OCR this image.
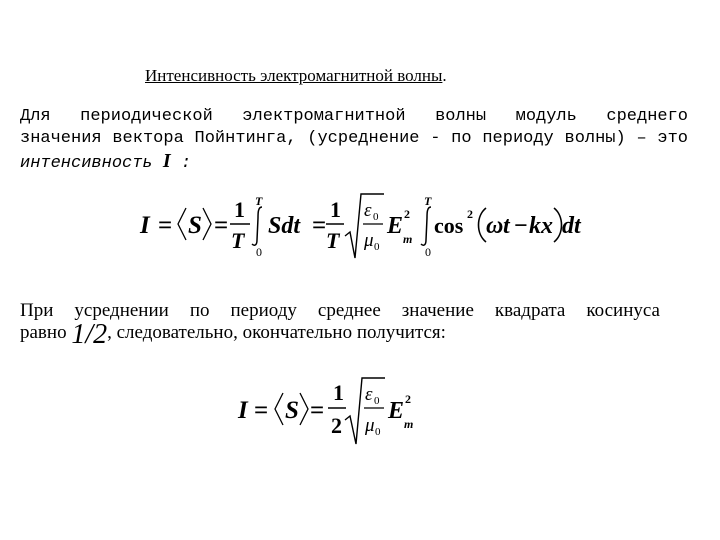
Интенсивность электромагнитной волны.
Для периодической электромагнитной волны модуль среднего
значения вектора Пойнтинга, (усреднение - по периоду волны) – это
интенсивность I :
I = S =
1
T
T
0
Sdt =
1
T
ε 0
μ 0
E 2
m
T
0
cos 2 ω t − kx dt
При усреднении по периоду среднее значение квадрата косинуса
равно 1/2, следовательно, окончательно получится:
I = S =
1
2
ε 0
μ 0
E 2
m
